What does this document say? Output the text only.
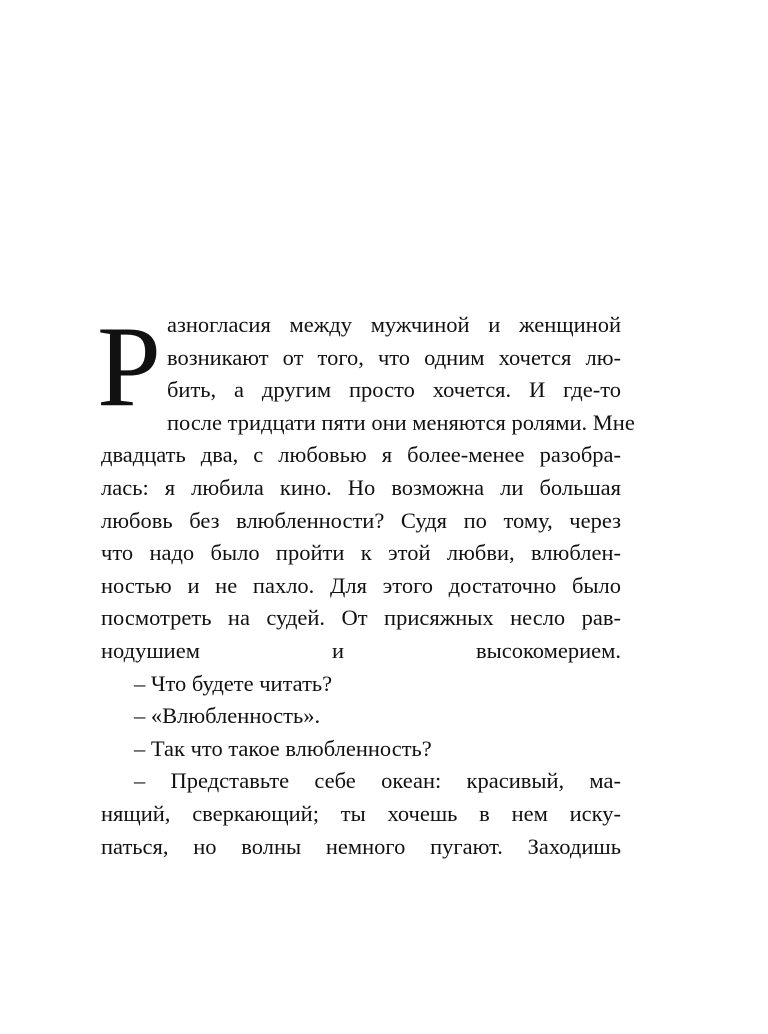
Р азногласия между мужчиной и женщиной
возникают от того, что одним хочется лю-
бить, а другим просто хочется. И где-то
после тридцати пяти они меняются ролями. Мне
двадцать два, с любовью я более-менее разобра-
лась: я любила кино. Но возможна ли большая
любовь без влюбленности? Судя по тому, через
что надо было пройти к этой любви, влюблен-
ностью и не пахло. Для этого достаточно было
посмотреть на судей. От присяжных несло рав-
нодушием и высокомерием.
– Что будете читать?
– «Влюбленность».
– Так что такое влюбленность?
– Представьте себе океан: красивый, ма-
нящий, сверкающий; ты хочешь в нем иску-
паться, но волны немного пугают. Заходишь
